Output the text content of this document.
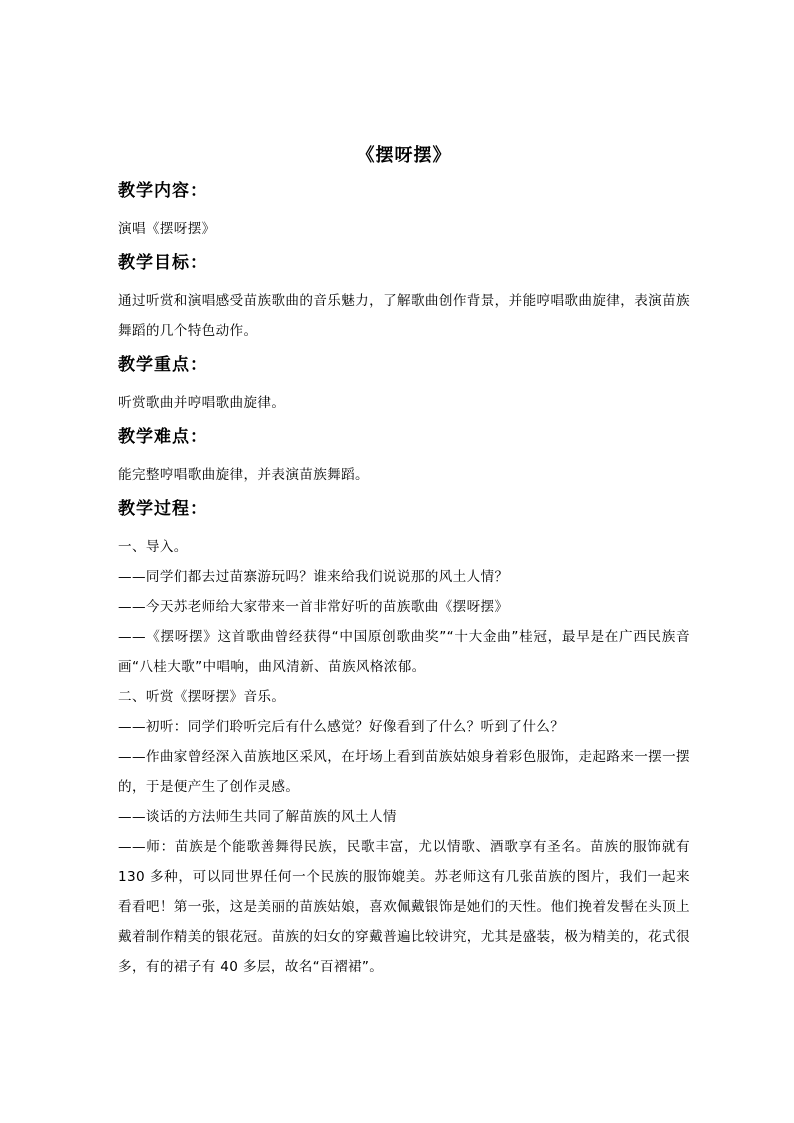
《摆呀摆》
教学内容：

演唱《摆呀摆》

教学目标：

通过听赏和演唱感受苗族歌曲的音乐魅力，了解歌曲创作背景，并能哼唱歌曲旋律，表演苗族舞蹈的几个特色动作。

教学重点：

听赏歌曲并哼唱歌曲旋律。

教学难点：

能完整哼唱歌曲旋律，并表演苗族舞蹈。

教学过程：

一、导入。

——同学们都去过苗寨游玩吗？谁来给我们说说那的风土人情？

——今天苏老师给大家带来一首非常好听的苗族歌曲《摆呀摆》

——《摆呀摆》这首歌曲曾经获得“中国原创歌曲奖”“十大金曲”桂冠，最早是在广西民族音画“八桂大歌”中唱响，曲风清新、苗族风格浓郁。

二、听赏《摆呀摆》音乐。

——初听：同学们聆听完后有什么感觉？好像看到了什么？听到了什么？

——作曲家曾经深入苗族地区采风，在圩场上看到苗族姑娘身着彩色服饰，走起路来一摆一摆的，于是便产生了创作灵感。

——谈话的方法师生共同了解苗族的风土人情

——师：苗族是个能歌善舞得民族，民歌丰富，尤以情歌、酒歌享有圣名。苗族的服饰就有 130 多种，可以同世界任何一个民族的服饰媲美。苏老师这有几张苗族的图片，我们一起来看看吧！第一张，这是美丽的苗族姑娘，喜欢佩戴银饰是她们的天性。他们挽着发髻在头顶上戴着制作精美的银花冠。苗族的妇女的穿戴普遍比较讲究，尤其是盛装，极为精美的，花式很多，有的裙子有 40 多层，故名“百褶裙”。
